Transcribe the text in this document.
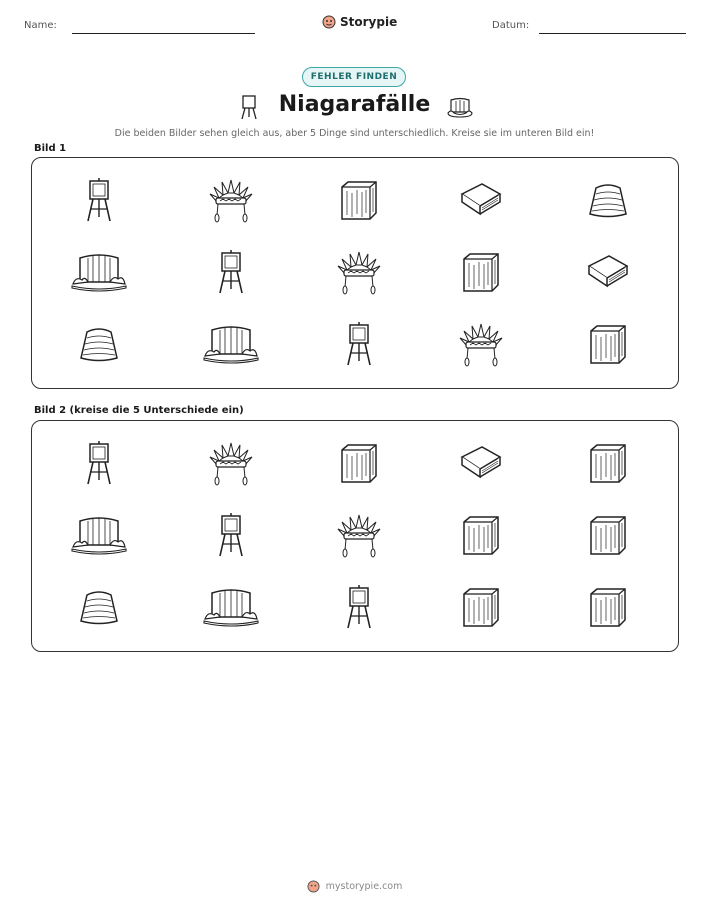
Name:	Storypie	Datum:
FEHLER FINDEN
Niagarafälle
Die beiden Bilder sehen gleich aus, aber 5 Dinge sind unterschiedlich. Kreise sie im unteren Bild ein!
Bild 1
Bild 2 (kreise die 5 Unterschiede ein)
mystorypie.com
